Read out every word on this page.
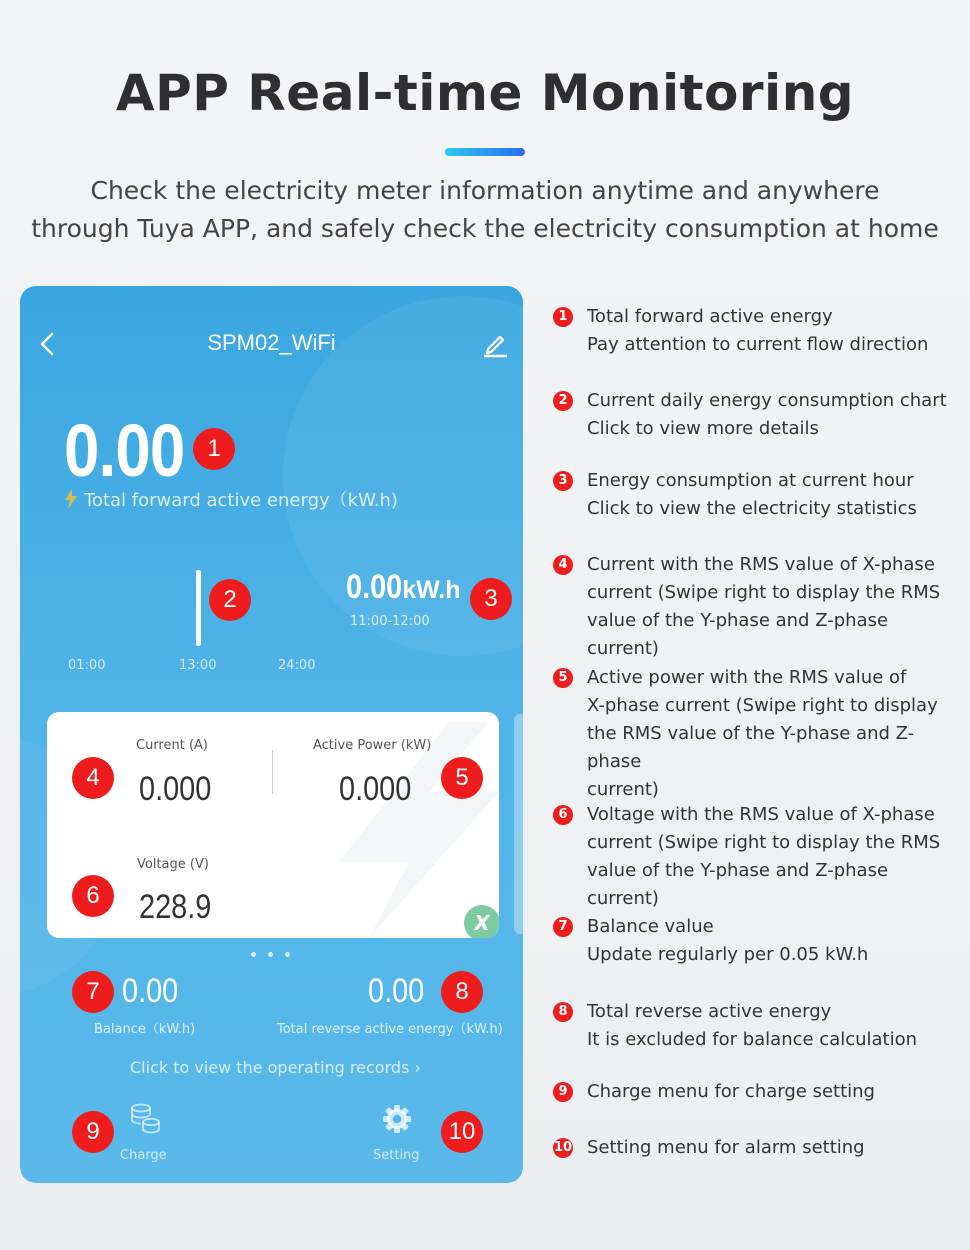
APP Real-time Monitoring
Check the electricity meter information anytime and anywhere
through Tuya APP, and safely check the electricity consumption at home
SPM02_WiFi
0.00
Total forward active energy（kW.h)
01:00	13:00	24:00
0.00kW.h
11:00-12:00
Current (A)
0.000
Active Power (kW)
0.000
Voltage (V)
228.9	X
0.00
Balance（kW.h)
0.00
Total reverse active energy（kW.h)
Click to view the operating records ›
Charge	Setting
1
2	3
4	5
6
7	8
9	10
1	Total forward active energy
Pay attention to current flow direction
2	Current daily energy consumption chart
Click to view more details
3	Energy consumption at current hour
Click to view the electricity statistics
4	Current with the RMS value of X-phase
current (Swipe right to display the RMS
value of the Y-phase and Z-phase current)
5	Active power with the RMS value of
X-phase current (Swipe right to display
the RMS value of the Y-phase and Z-phase
current)
6	Voltage with the RMS value of X-phase
current (Swipe right to display the RMS
value of the Y-phase and Z-phase current)
7	Balance value
Update regularly per 0.05 kW.h
8	Total reverse active energy
It is excluded for balance calculation
9	Charge menu for charge setting
10 Setting menu for alarm setting
